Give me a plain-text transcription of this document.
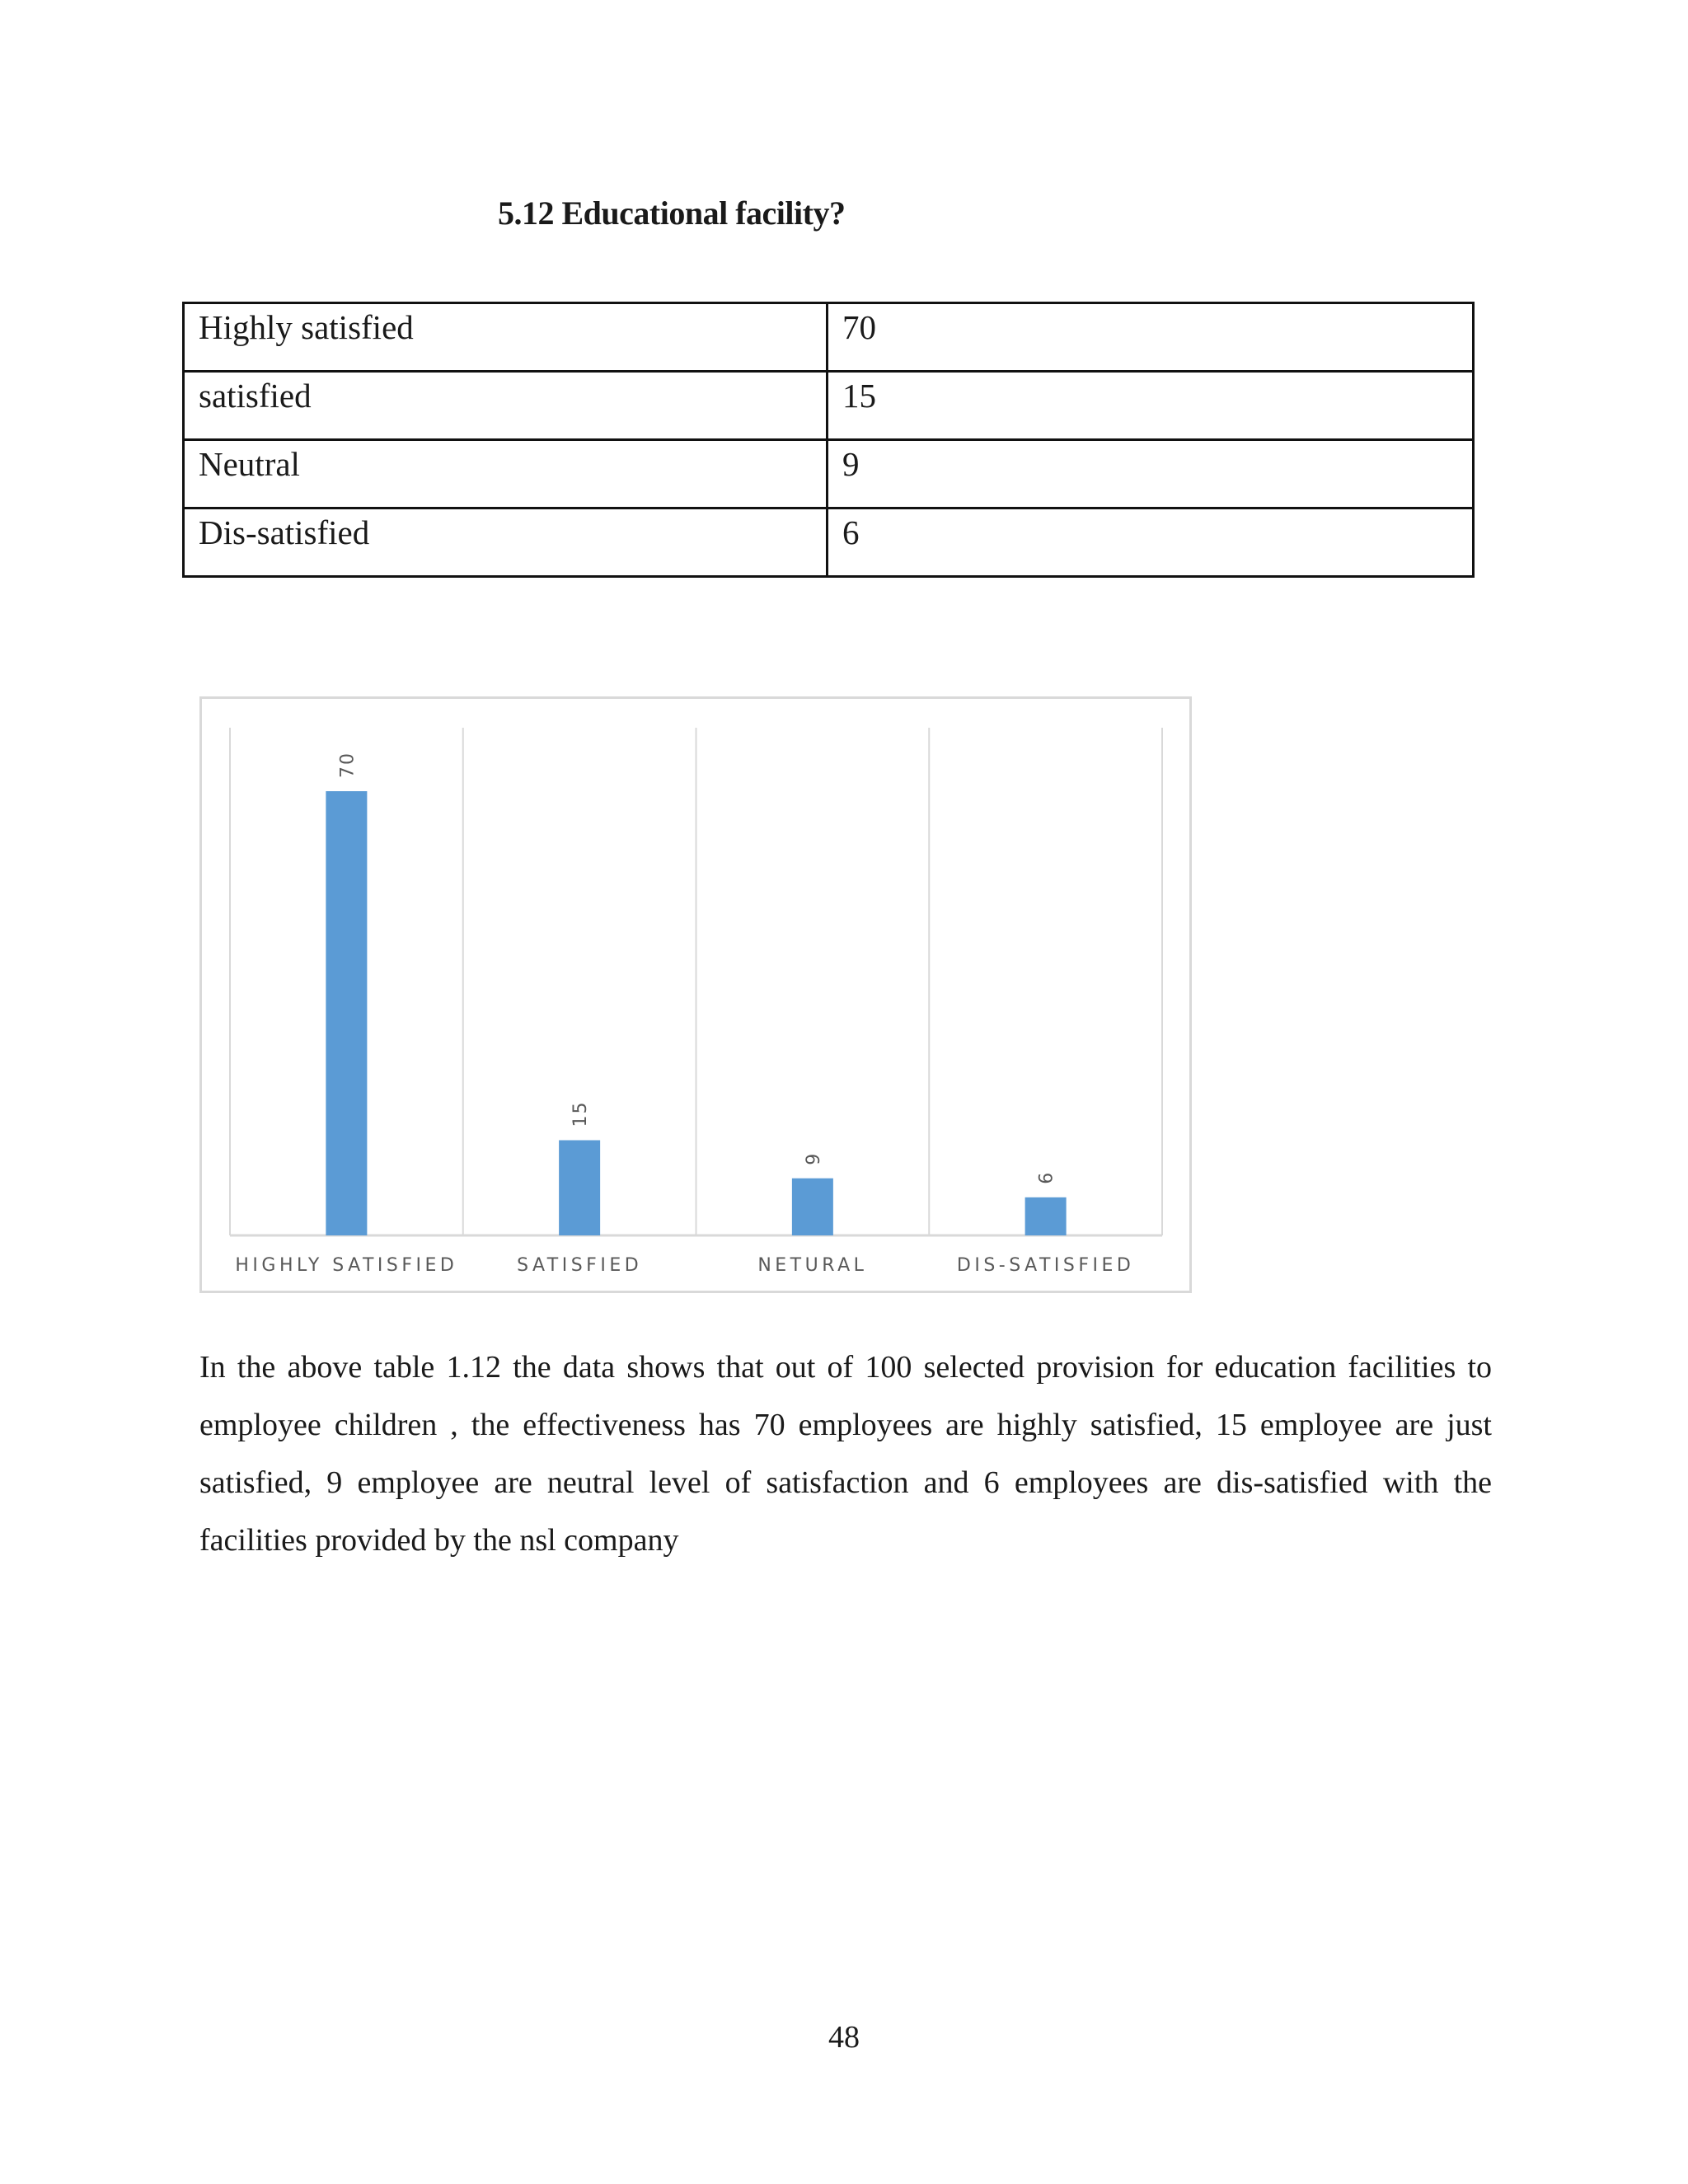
5.12 Educational facility?
Highly satisfied	70
satisfied	15
Neutral	9
Dis-satisfied	6
70
HIGHLY SATISFIED
15
SATISFIED
9
NETURAL
6
DIS-SATISFIED

In the above table 1.12 the data shows that out of 100 selected provision for education facilities to employee children , the effectiveness has 70 employees are highly satisfied, 15 employee are just satisfied, 9 employee are neutral level of satisfaction and 6 employees are dis-satisfied with the facilities provided by the nsl company

48
